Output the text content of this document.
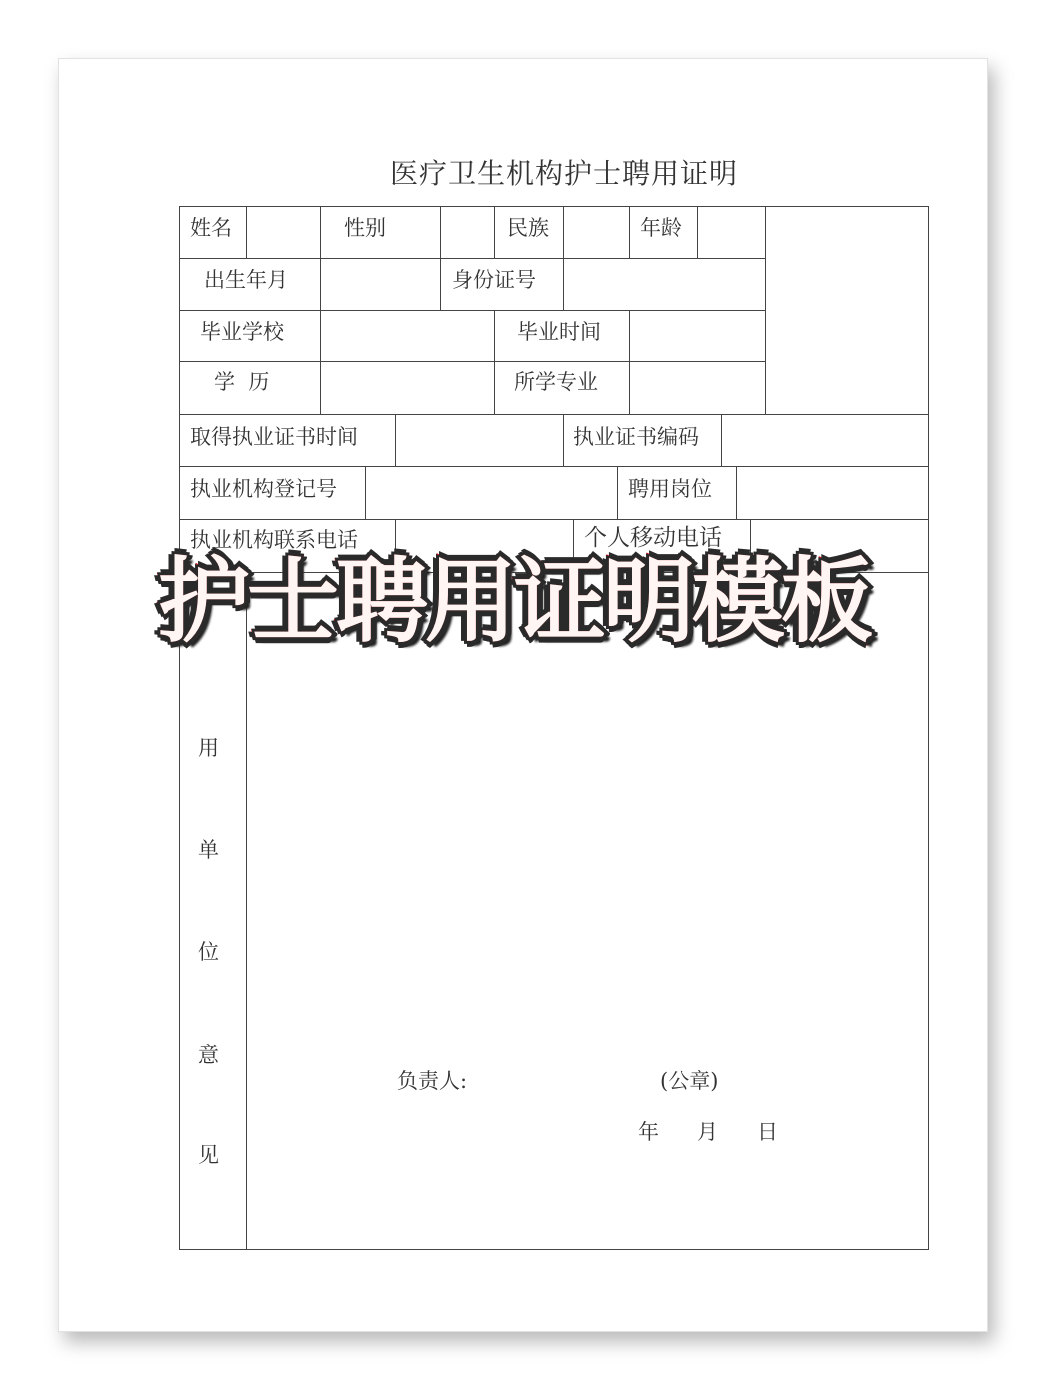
医疗卫生机构护士聘用证明
姓名	性别	民族	年龄
出生年月	身份证号
毕业学校	毕业时间
学  历	所学专业
取得执业证书时间	执业证书编码
执业机构登记号	聘用岗位
执业机构联系电话	个人移动电话
用
单
位
意
见
负责人:	(公章)
年 月 日
护士聘用证明模板
